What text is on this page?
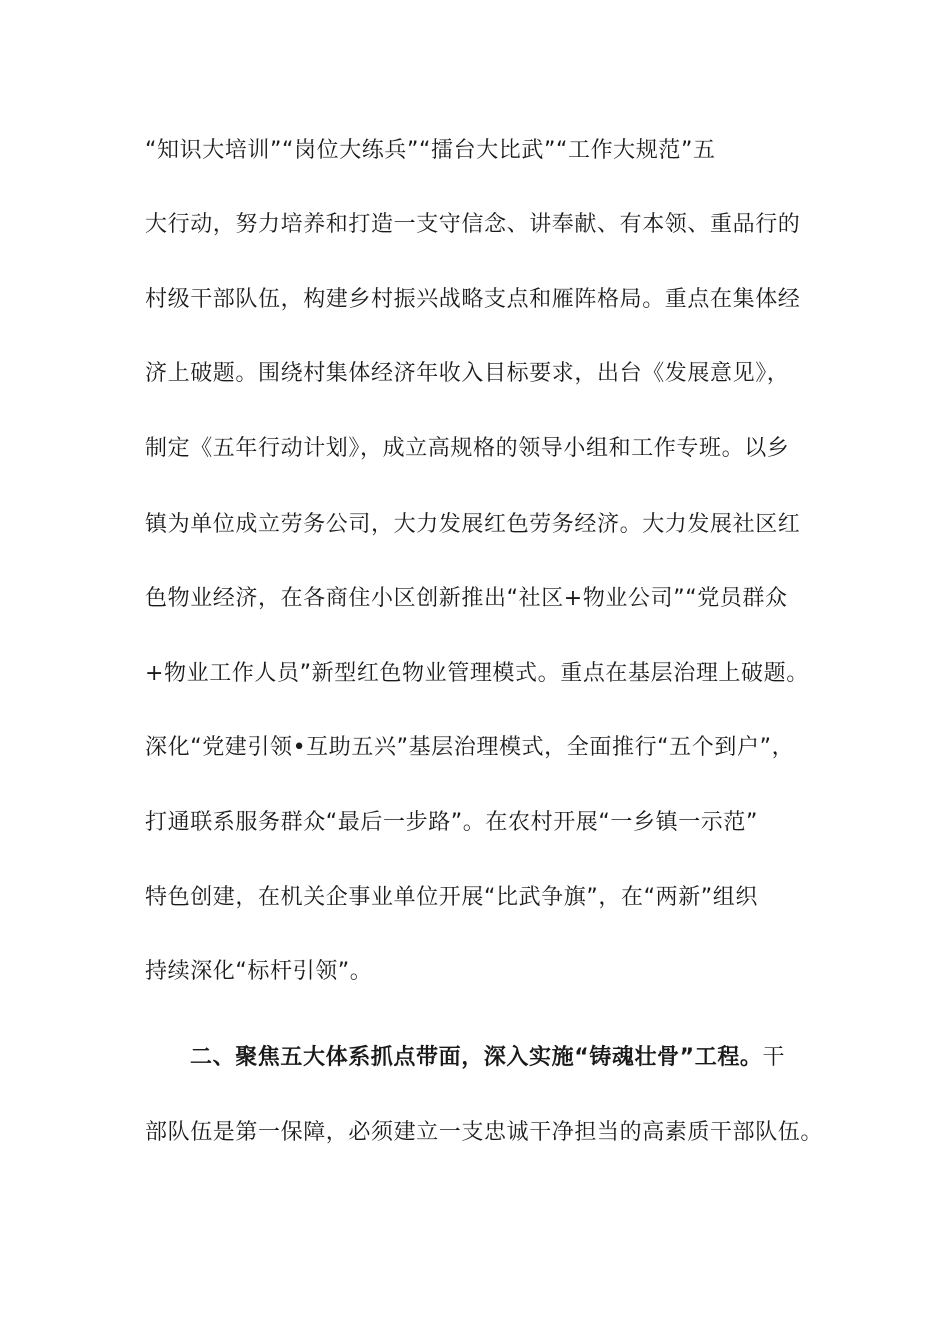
“知识大培训”“岗位大练兵”“擂台大比武”“工作大规范”五
大行动，努力培养和打造一支守信念、讲奉献、有本领、重品行的
村级干部队伍，构建乡村振兴战略支点和雁阵格局。重点在集体经
济上破题。围绕村集体经济年收入目标要求，出台《发展意见》，
制定《五年行动计划》，成立高规格的领导小组和工作专班。以乡
镇为单位成立劳务公司，大力发展红色劳务经济。大力发展社区红
色物业经济，在各商住小区创新推出“社区+物业公司”“党员群众
+物业工作人员”新型红色物业管理模式。重点在基层治理上破题。
深化“党建引领•互助五兴”基层治理模式，全面推行“五个到户”，
打通联系服务群众“最后一步路”。在农村开展“一乡镇一示范”
特色创建，在机关企事业单位开展“比武争旗”，在“两新”组织
持续深化“标杆引领”。
二、聚焦五大体系抓点带面，深入实施“铸魂壮骨”工程。干
部队伍是第一保障，必须建立一支忠诚干净担当的高素质干部队伍。
